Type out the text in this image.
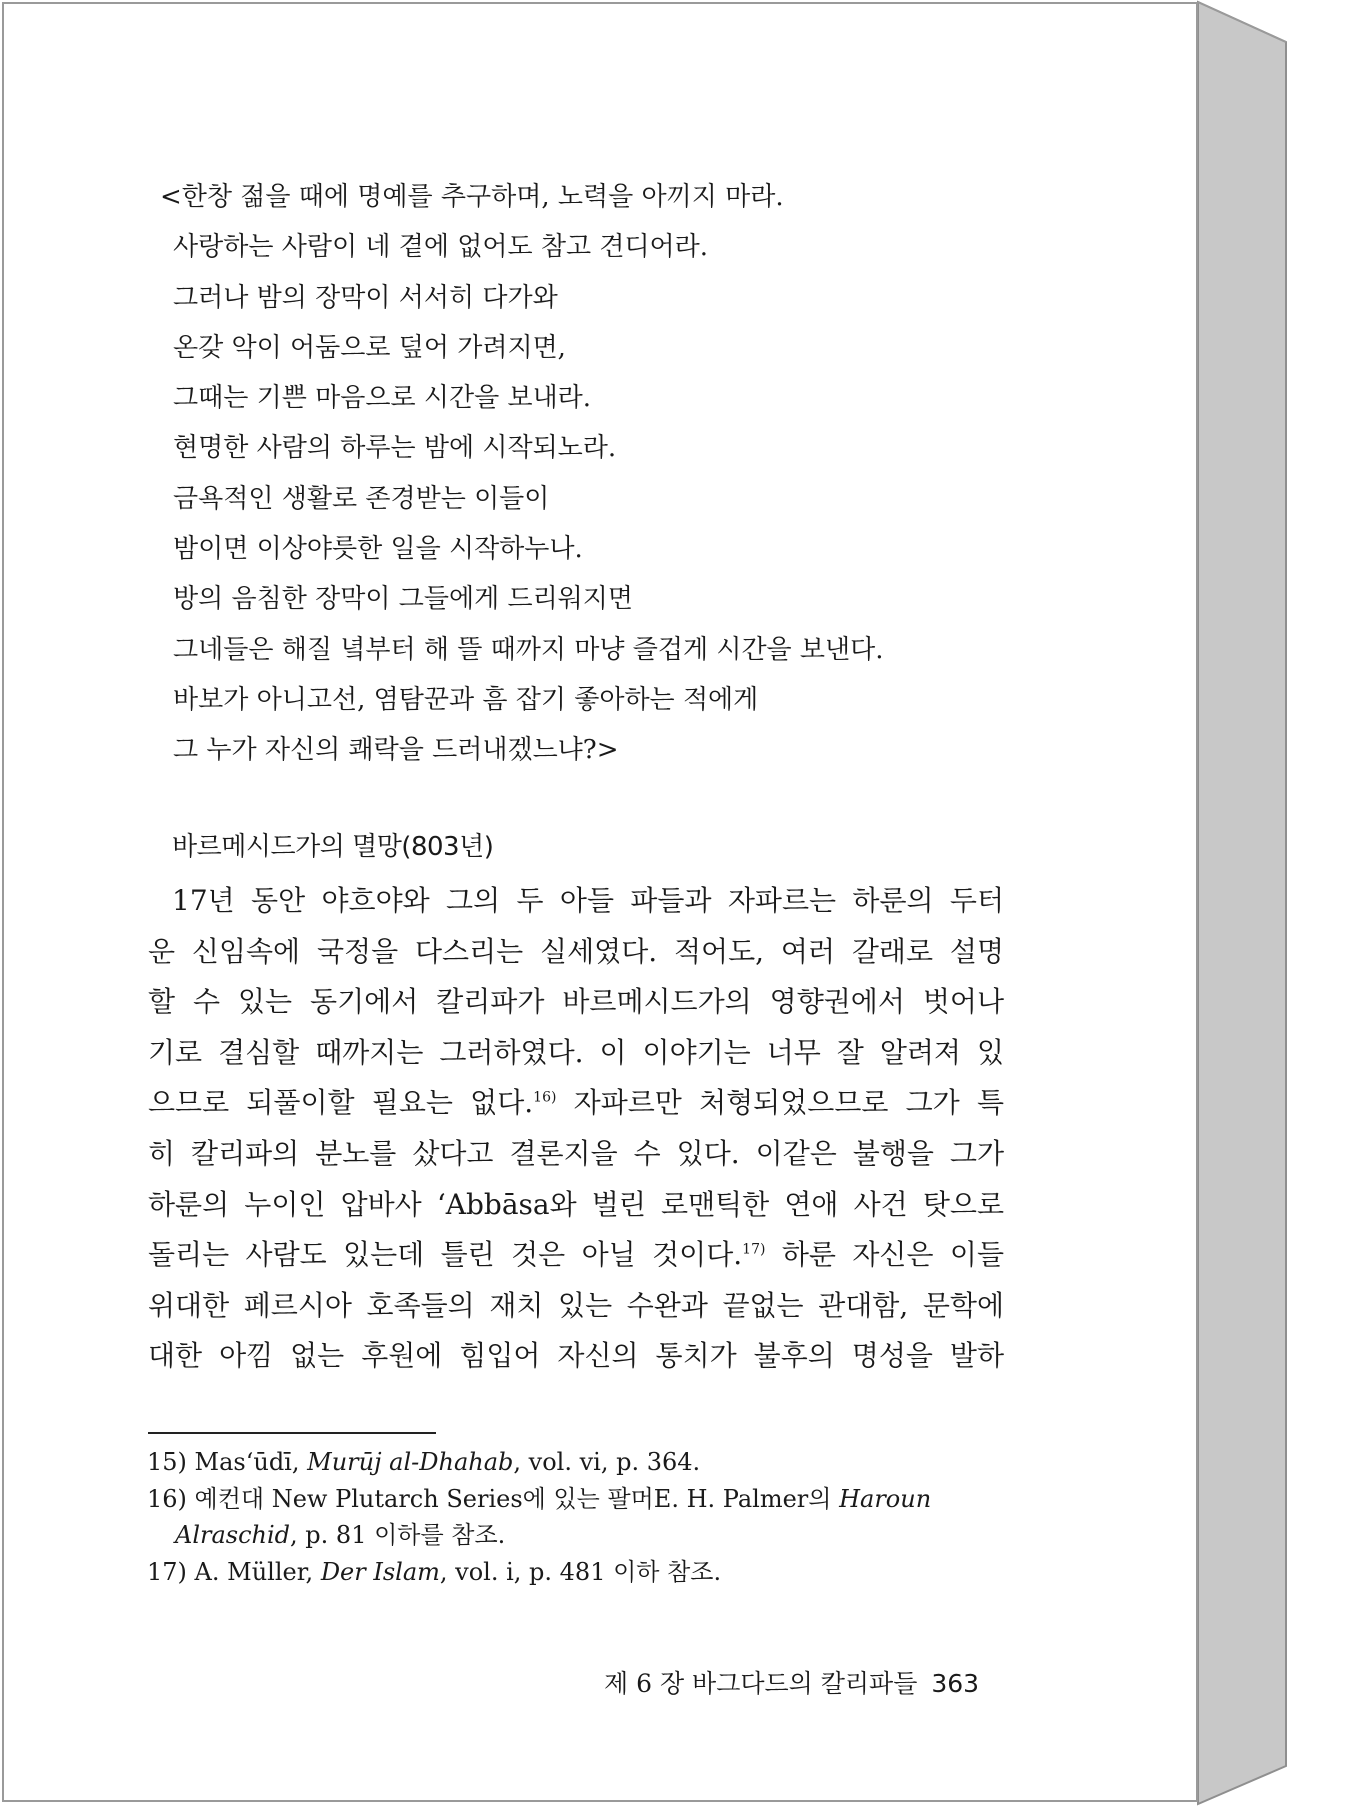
<한창 젊을 때에 명예를 추구하며, 노력을 아끼지 마라.
사랑하는 사람이 네 곁에 없어도 참고 견디어라.
그러나 밤의 장막이 서서히 다가와
온갖 악이 어둠으로 덮어 가려지면,
그때는 기쁜 마음으로 시간을 보내라.
현명한 사람의 하루는 밤에 시작되노라.
금욕적인 생활로 존경받는 이들이
밤이면 이상야릇한 일을 시작하누나.
방의 음침한 장막이 그들에게 드리워지면
그네들은 해질 녘부터 해 뜰 때까지 마냥 즐겁게 시간을 보낸다.
바보가 아니고선, 염탐꾼과 흠 잡기 좋아하는 적에게
그 누가 자신의 쾌락을 드러내겠느냐?>
바르메시드가의 멸망(803년)
17년 동안 야흐야와 그의 두 아들 파들과 자파르는 하룬의 두터
운 신임속에 국정을 다스리는 실세였다. 적어도, 여러 갈래로 설명
할 수 있는 동기에서 칼리파가 바르메시드가의 영향권에서 벗어나
기로 결심할 때까지는 그러하였다. 이 이야기는 너무 잘 알려져 있
으므로 되풀이할 필요는 없다.$^{16)}$ 자파르만 처형되었으므로 그가 특
히 칼리파의 분노를 샀다고 결론지을 수 있다. 이같은 불행을 그가
하룬의 누이인 압바사 ‘Abbāsa와 벌린 로맨틱한 연애 사건 탓으로
돌리는 사람도 있는데 틀린 것은 아닐 것이다.$^{17)}$ 하룬 자신은 이들
위대한 페르시아 호족들의 재치 있는 수완과 끝없는 관대함, 문학에
대한 아낌 없는 후원에 힘입어 자신의 통치가 불후의 명성을 발하
15) Mas‘ūdī, Murūj al-Dhahab, vol. vi, p. 364.
16) 예컨대 New Plutarch Series에 있는 팔머E. H. Palmer의 Haroun
Alraschid, p. 81 이하를 참조.
17) A. Müller, Der Islam, vol. i, p. 481 이하 참조.
제 6 장 바그다드의 칼리파들 363
